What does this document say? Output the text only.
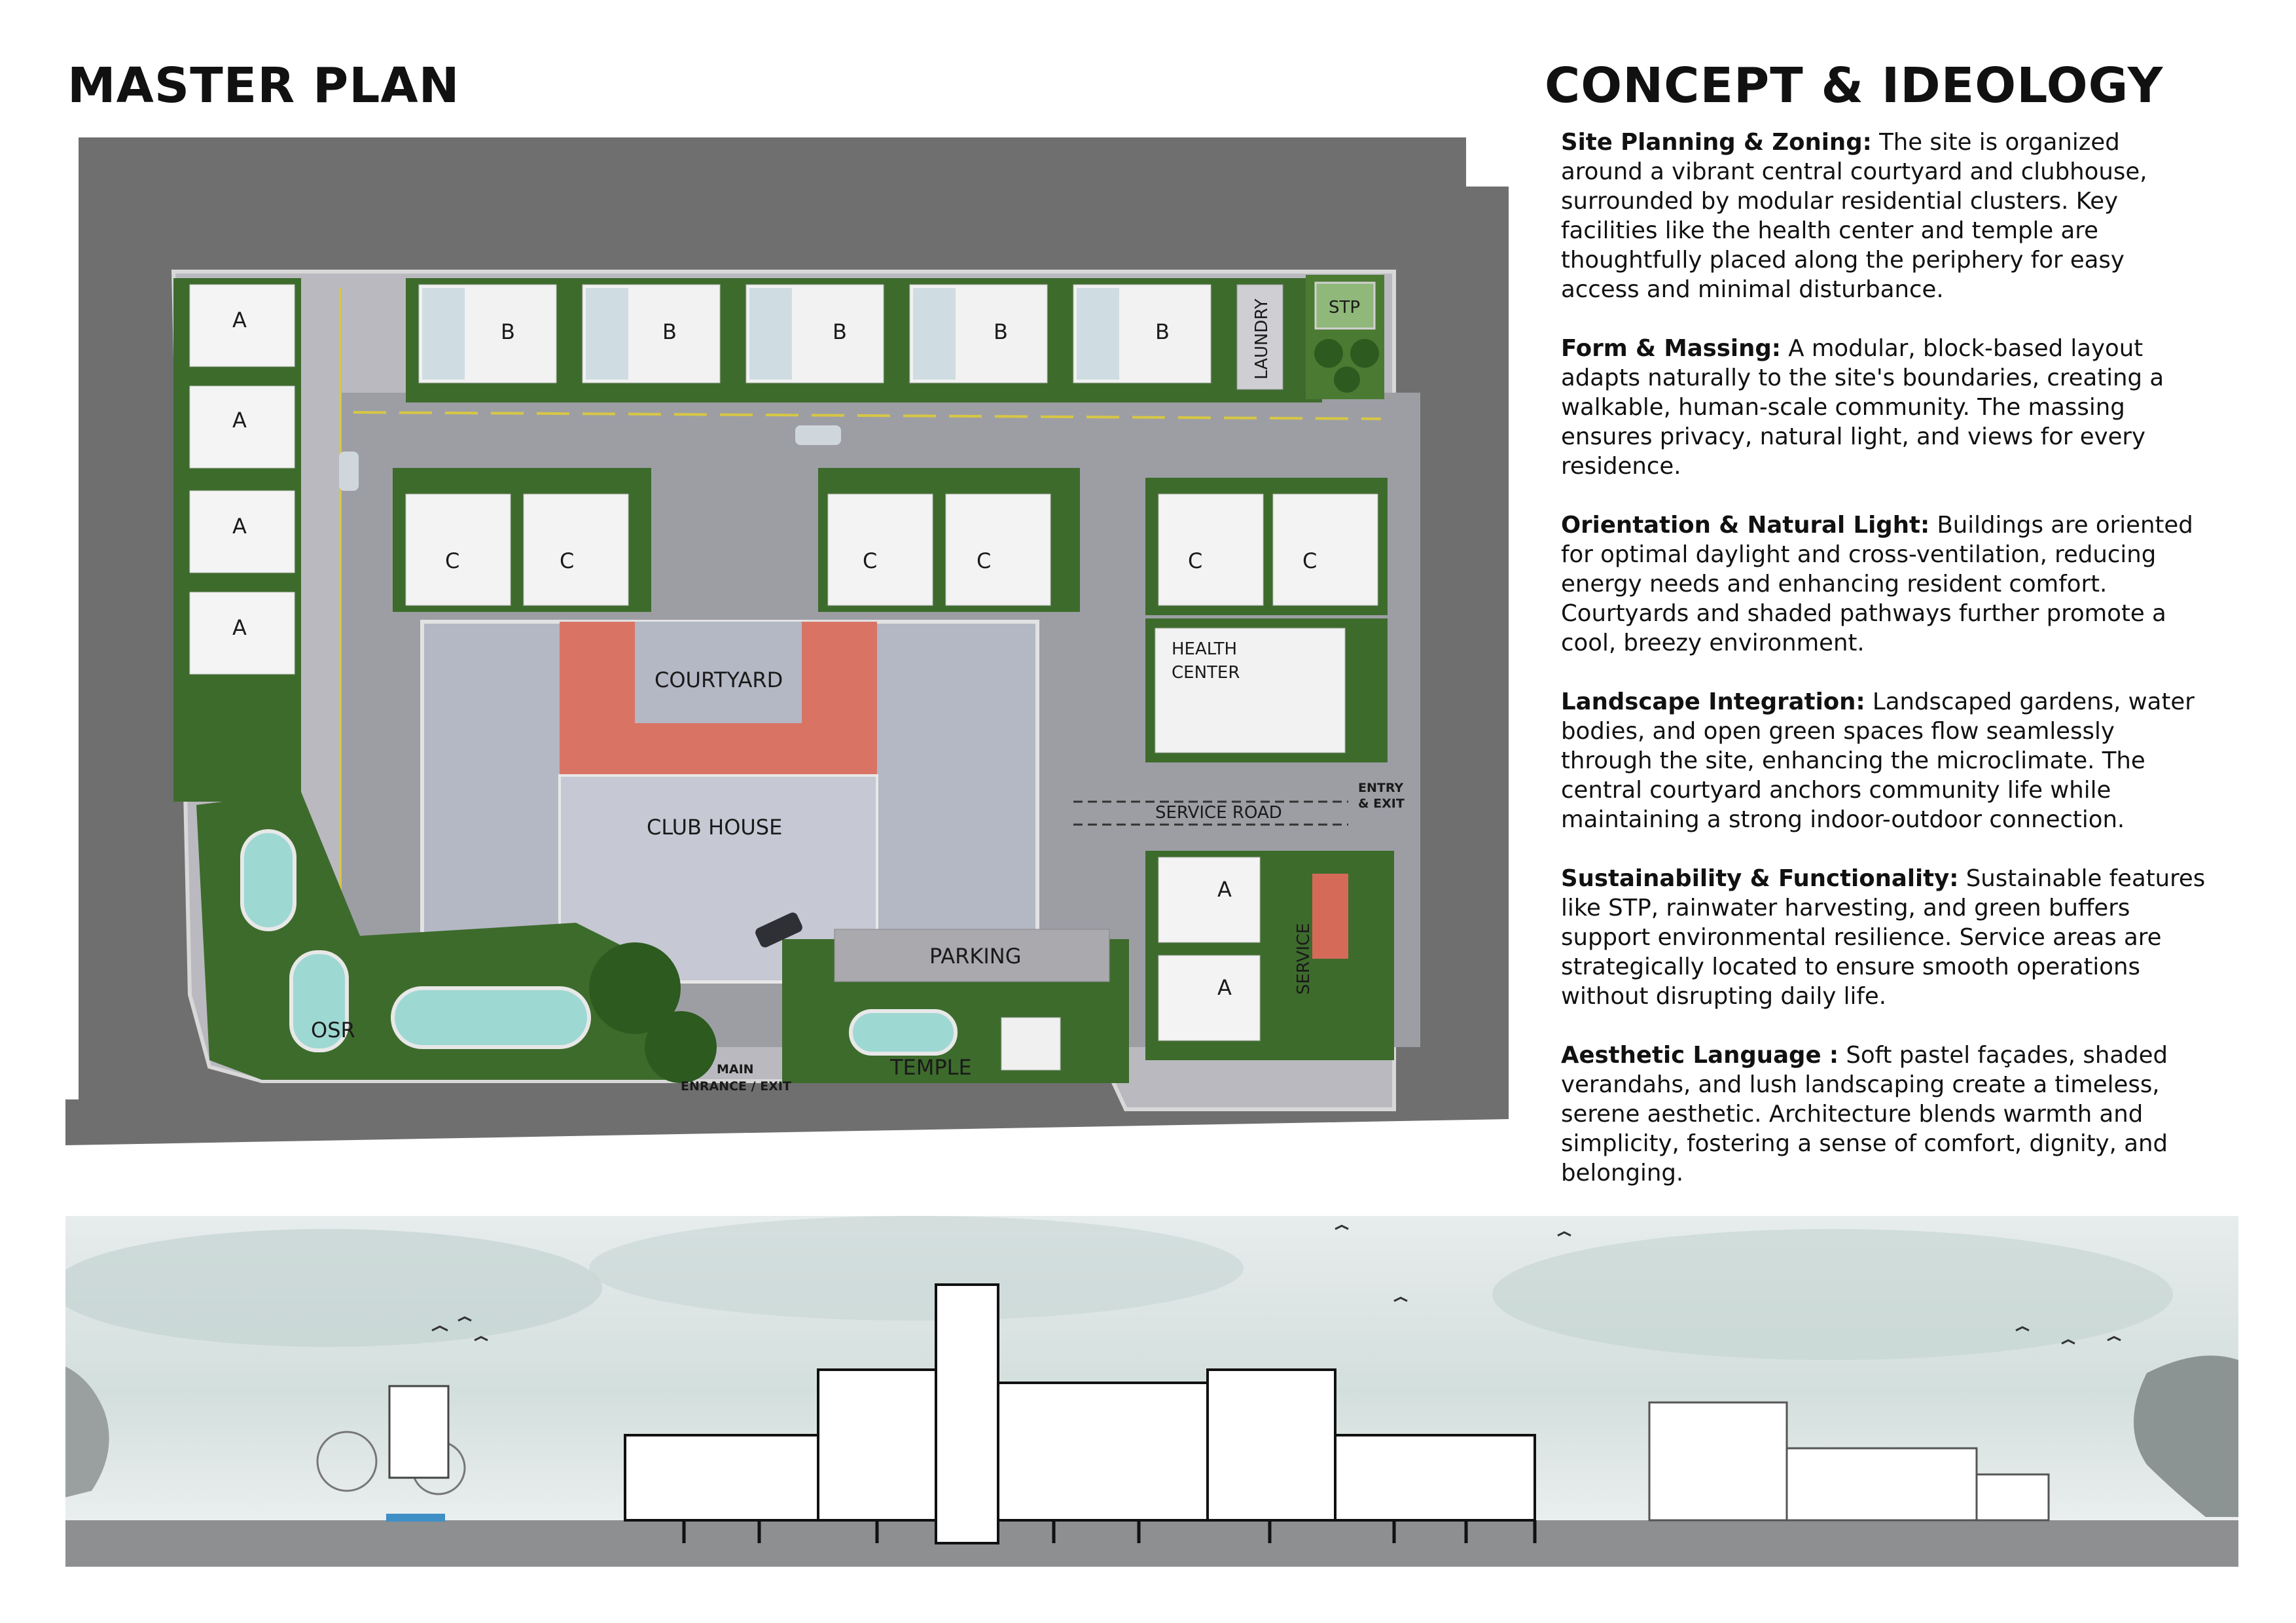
MASTER PLAN	CONCEPT & IDEOLOGY
A
A
A
A
B	B	B	B	B	LAUNDRY	STP
C	C	C	C	C	C
COURTYARD
CLUB HOUSE
HEALTH
CENTER
SERVICE ROAD
ENTRY
& EXIT
A
A	SERVICE
PARKING
TEMPLE
OSR
MAIN
ENRANCE / EXIT
Site Planning & Zoning: The site is organized
around a vibrant central courtyard and clubhouse,
surrounded by modular residential clusters. Key
facilities like the health center and temple are
thoughtfully placed along the periphery for easy
access and minimal disturbance.
Form & Massing: A modular, block-based layout
adapts naturally to the site's boundaries, creating a
walkable, human-scale community. The massing
ensures privacy, natural light, and views for every
residence.
Orientation & Natural Light: Buildings are oriented
for optimal daylight and cross-ventilation, reducing
energy needs and enhancing resident comfort.
Courtyards and shaded pathways further promote a
cool, breezy environment.
Landscape Integration: Landscaped gardens, water
bodies, and open green spaces flow seamlessly
through the site, enhancing the microclimate. The
central courtyard anchors community life while
maintaining a strong indoor-outdoor connection.
Sustainability & Functionality: Sustainable features
like STP, rainwater harvesting, and green buffers
support environmental resilience. Service areas are
strategically located to ensure smooth operations
without disrupting daily life.
Aesthetic Language : Soft pastel façades, shaded
verandahs, and lush landscaping create a timeless,
serene aesthetic. Architecture blends warmth and
simplicity, fostering a sense of comfort, dignity, and
belonging.
